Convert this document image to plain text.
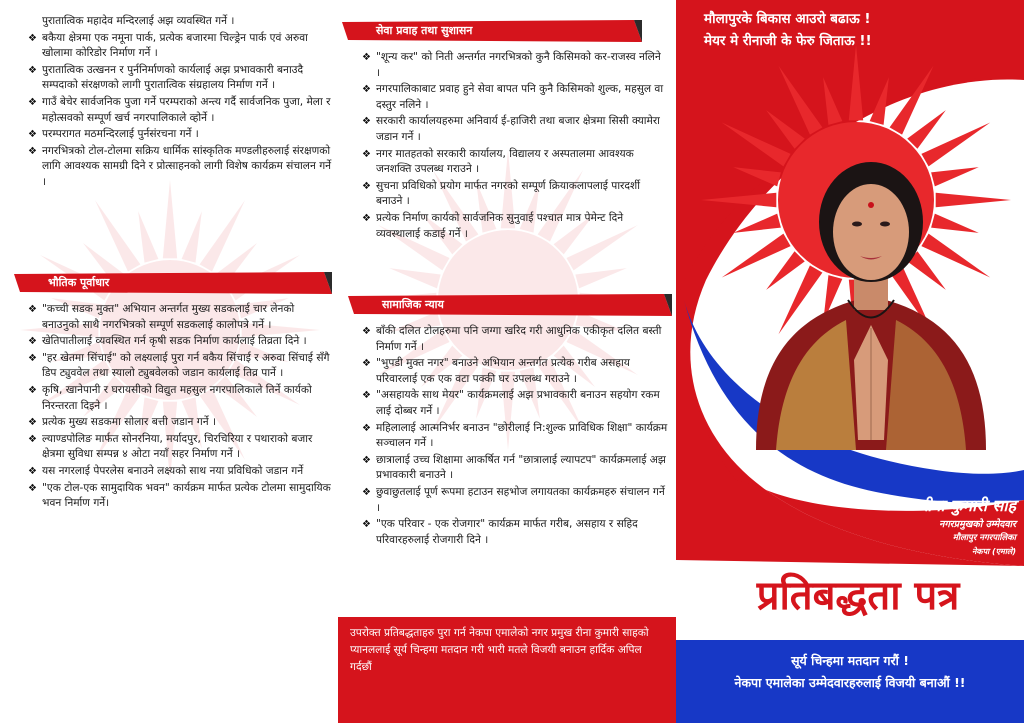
पुरातात्विक महादेव मन्दिरलाई अझ व्यवस्थित गर्ने ।
❖ बकैया क्षेत्रमा एक नमूना पार्क, प्रत्येक बजारमा चिल्ड्रेन पार्क एवं अरुवा खोलामा कोरिडोर निर्माण गर्ने ।
❖ पुरातात्विक उत्खनन र पुर्ननिर्माणको कार्यलाई अझ प्रभावकारी बनाउदै सम्पदाको संरक्षणको लागी पुरातात्विक संग्रहालय निर्माण गर्ने ।
❖ गाउँ बेचेर सार्वजनिक पुजा गर्ने परम्पराको अन्त्य गर्दै सार्वजनिक पुजा, मेला र महोत्सवको सम्पूर्ण खर्च नगरपालिकाले व्होर्ने ।
❖ परम्परागत मठमन्दिरलाई पुर्नसंरचना गर्ने ।
❖ नगरभित्रको टोल-टोलमा सक्रिय धार्मिक सांस्कृतिक मण्डलीहरुलाई संरक्षणको लागि आवश्यक सामग्री दिने र प्रोत्साहनको लागी विशेष कार्यक्रम संचालन गर्ने ।
भौतिक पूर्वाधार
❖ "कच्ची सडक मुक्त" अभियान अन्तर्गत मुख्य सडकलाई चार लेनको बनाउनुको साथै नगरभित्रको सम्पूर्ण सडकलाई कालोपत्रे गर्ने ।
❖ खेतिपातीलाई व्यवस्थित गर्न कृषी सडक निर्माण कार्यलाई तिव्रता दिने ।
❖ "हर खेतमा सिंचाई" को लक्ष्यलाई पुरा गर्न बकैय सिंचाई र अरुवा सिंचाई सँगै डिप ट्युववेल तथा स्यालो ट्युबवेलको जडान कार्यलाई तिव्र पार्ने ।
❖ कृषि, खानेपानी र घरायसीको विद्युत महसुल नगरपालिकाले तिर्ने कार्यको निरन्तरता दिइने ।
❖ प्रत्येक मुख्य सडकमा सोलार बत्ती जडान गर्ने ।
❖ ल्याण्डपोलिङ मार्फत सोनरनिया, मर्यादपुर, चिरचिरिया र पथाराको बजार क्षेत्रमा सुविधा सम्पन्न ४ ओटा नयाँ सहर निर्माण गर्ने ।
❖ यस नगरलाई पेपरलेस बनाउने लक्ष्यको साथ नया प्रविधिको जडान गर्ने
❖ "एक टोल-एक सामुदायिक भवन" कार्यक्रम मार्फत प्रत्येक टोलमा सामुदायिक भवन निर्माण गर्ने।
सेवा प्रवाह तथा सुशासन
❖ "शून्य कर" को निती अन्तर्गत नगरभित्रको कुनै किसिमको कर-राजस्व नलिने ।
❖ नगरपालिकाबाट प्रवाह हुने सेवा बापत पनि कुनै किसिमको शुल्क, महसुल वा दस्तुर नलिने ।
❖ सरकारी कार्यालयहरुमा अनिवार्य ई-हाजिरी तथा बजार क्षेत्रमा सिसी क्यामेरा जडान गर्ने ।
❖ नगर मातहतको सरकारी कार्यालय, विद्यालय र अस्पतालमा आवश्यक जनशक्ति उपलब्ध गराउने ।
❖ सुचना प्रविधिको प्रयोग मार्फत नगरको सम्पूर्ण क्रियाकलापलाई पारदर्शी बनाउने ।
❖ प्रत्येक निर्माण कार्यको सार्वजनिक सुनुवाई पश्चात मात्र पेमेन्ट दिने व्यवस्थालाई कडाई गर्ने ।
सामाजिक न्याय
❖ बाँकी दलित टोलहरुमा पनि जग्गा खरिद गरी आधुनिक एकीकृत दलित बस्ती निर्माण गर्ने ।
❖ "भुपडी मुक्त नगर" बनाउने अभियान अन्तर्गत प्रत्येक गरीब असहाय परिवारलाई एक एक वटा पक्की घर उपलब्ध गराउने ।
❖ "असहायके साथ मेयर" कार्यक्रमलाई अझ प्रभावकारी बनाउन सहयोग रकम लाई दोब्बर गर्ने ।
❖ महिलालाई आत्मनिर्भर बनाउन "छोरीलाई नि:शुल्क प्राविधिक शिक्षा" कार्यक्रम सञ्चालन गर्ने ।
❖ छात्रालाई उच्च शिक्षामा आकर्षित गर्न "छात्रालाई ल्यापटप" कार्यक्रमलाई अझ प्रभावकारी बनाउने ।
❖ छुवाछुतलाई पूर्ण रूपमा हटाउन सहभोज लगायतका कार्यक्रमहरु संचालन गर्ने ।
❖ "एक परिवार - एक रोजगार" कार्यक्रम मार्फत गरीब, असहाय र सहिद परिवारहरुलाई रोजगारी दिने ।

उपरोक्त प्रतिबद्धताहरु पुरा गर्न नेकपा एमालेको नगर प्रमुख रीना कुमारी साहको प्यानललाई सूर्य चिन्हमा मतदान गरी भारी मतले विजयी बनाउन हार्दिक अपिल गर्दछौं

मौलापुरके बिकास आउरो बढाऊ !
मेयर मे रीनाजी के फेरु जिताऊ !!
रीना कुमारी साह
नगरप्रमुखको उम्मेदवार
मौलापुर नगरपालिका
नेकपा (एमाले)
प्रतिबद्धता पत्र
सूर्य चिन्हमा मतदान गरौं !
नेकपा एमालेका उम्मेदवारहरुलाई विजयी बनाऔं !!
